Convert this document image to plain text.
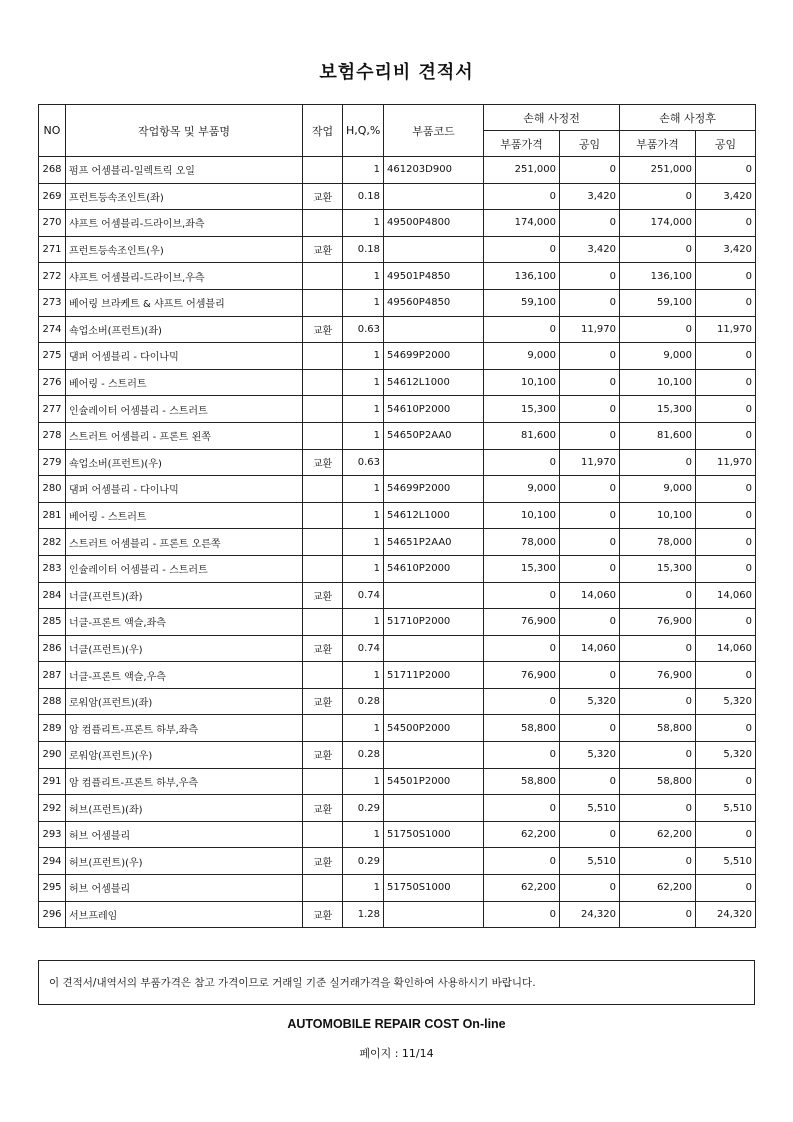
보험수리비 견적서
NO	작업항목 및 부품명	작업	H,Q,%	부품코드	손해 사정전		손해 사정후	
					부품가격	공임	부품가격	공임
268	펌프 어셈블리-일렉트릭 오일		1	461203D900	251,000	0	251,000	0
269	프런트등속조인트(좌)	교환	0.18		0	3,420	0	3,420
270	샤프트 어셈블리-드라이브,좌측		1	49500P4800	174,000	0	174,000	0
271	프런트등속조인트(우)	교환	0.18		0	3,420	0	3,420
272	샤프트 어셈블리-드라이브,우측		1	49501P4850	136,100	0	136,100	0
273	베어링 브라케트 & 샤프트 어셈블리		1	49560P4850	59,100	0	59,100	0
274	쇽업소버(프런트)(좌)	교환	0.63		0	11,970	0	11,970
275	댐퍼 어셈블리 - 다이나믹		1	54699P2000	9,000	0	9,000	0
276	베어링 - 스트러트		1	54612L1000	10,100	0	10,100	0
277	인슐레이터 어셈블리 - 스트러트		1	54610P2000	15,300	0	15,300	0
278	스트러트 어셈블리 - 프론트 왼쪽		1	54650P2AA0	81,600	0	81,600	0
279	쇽업소버(프런트)(우)	교환	0.63		0	11,970	0	11,970
280	댐퍼 어셈블리 - 다이나믹		1	54699P2000	9,000	0	9,000	0
281	베어링 - 스트러트		1	54612L1000	10,100	0	10,100	0
282	스트러트 어셈블리 - 프론트 오른쪽		1	54651P2AA0	78,000	0	78,000	0
283	인슐레이터 어셈블리 - 스트러트		1	54610P2000	15,300	0	15,300	0
284	너클(프런트)(좌)	교환	0.74		0	14,060	0	14,060
285	너클-프론트 액슬,좌측		1	51710P2000	76,900	0	76,900	0
286	너클(프런트)(우)	교환	0.74		0	14,060	0	14,060
287	너클-프론트 액슬,우측		1	51711P2000	76,900	0	76,900	0
288	로워암(프런트)(좌)	교환	0.28		0	5,320	0	5,320
289	암 컴플리트-프론트 하부,좌측		1	54500P2000	58,800	0	58,800	0
290	로워암(프런트)(우)	교환	0.28		0	5,320	0	5,320
291	암 컴플리트-프론트 하부,우측		1	54501P2000	58,800	0	58,800	0
292	허브(프런트)(좌)	교환	0.29		0	5,510	0	5,510
293	허브 어셈블리		1	51750S1000	62,200	0	62,200	0
294	허브(프런트)(우)	교환	0.29		0	5,510	0	5,510
295	허브 어셈블리		1	51750S1000	62,200	0	62,200	0
296	서브프레임	교환	1.28		0	24,320	0	24,320
이 견적서/내역서의 부품가격은 참고 가격이므로 거래일 기준 실거래가격을 확인하여 사용하시기 바랍니다.
AUTOMOBILE REPAIR COST On-line
페이지 : 11/14
